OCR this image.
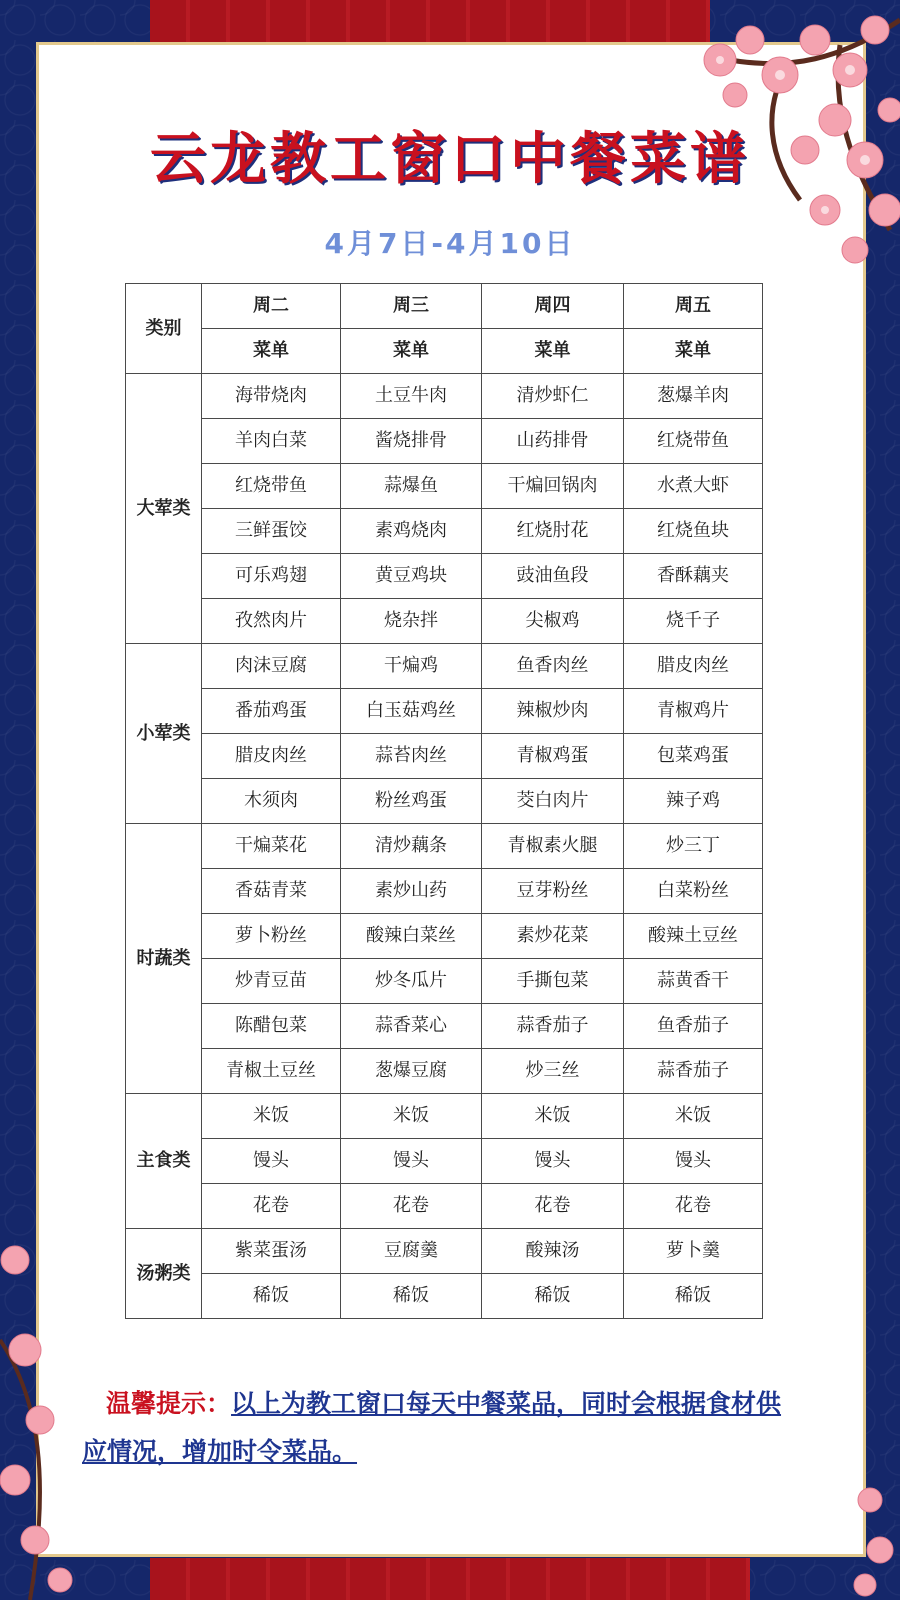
云龙教工窗口中餐菜谱
4月7日-4月10日
类别	周二	周三	周四	周五
	菜单	菜单	菜单	菜单
大荤类	海带烧肉	土豆牛肉	清炒虾仁	葱爆羊肉
	羊肉白菜	酱烧排骨	山药排骨	红烧带鱼
	红烧带鱼	蒜爆鱼	干煸回锅肉	水煮大虾
	三鲜蛋饺	素鸡烧肉	红烧肘花	红烧鱼块
	可乐鸡翅	黄豆鸡块	豉油鱼段	香酥藕夹
	孜然肉片	烧杂拌	尖椒鸡	烧千子
小荤类	肉沫豆腐	干煸鸡	鱼香肉丝	腊皮肉丝
	番茄鸡蛋	白玉菇鸡丝	辣椒炒肉	青椒鸡片
	腊皮肉丝	蒜苔肉丝	青椒鸡蛋	包菜鸡蛋
	木须肉	粉丝鸡蛋	茭白肉片	辣子鸡
时蔬类	干煸菜花	清炒藕条	青椒素火腿	炒三丁
	香菇青菜	素炒山药	豆芽粉丝	白菜粉丝
	萝卜粉丝	酸辣白菜丝	素炒花菜	酸辣土豆丝
	炒青豆苗	炒冬瓜片	手撕包菜	蒜黄香干
	陈醋包菜	蒜香菜心	蒜香茄子	鱼香茄子
	青椒土豆丝	葱爆豆腐	炒三丝	蒜香茄子
主食类	米饭	米饭	米饭	米饭
	馒头	馒头	馒头	馒头
	花卷	花卷	花卷	花卷
汤粥类	紫菜蛋汤	豆腐羹	酸辣汤	萝卜羹
	稀饭	稀饭	稀饭	稀饭
温馨提示：以上为教工窗口每天中餐菜品，同时会根据食材供应情况，增加时令菜品。
